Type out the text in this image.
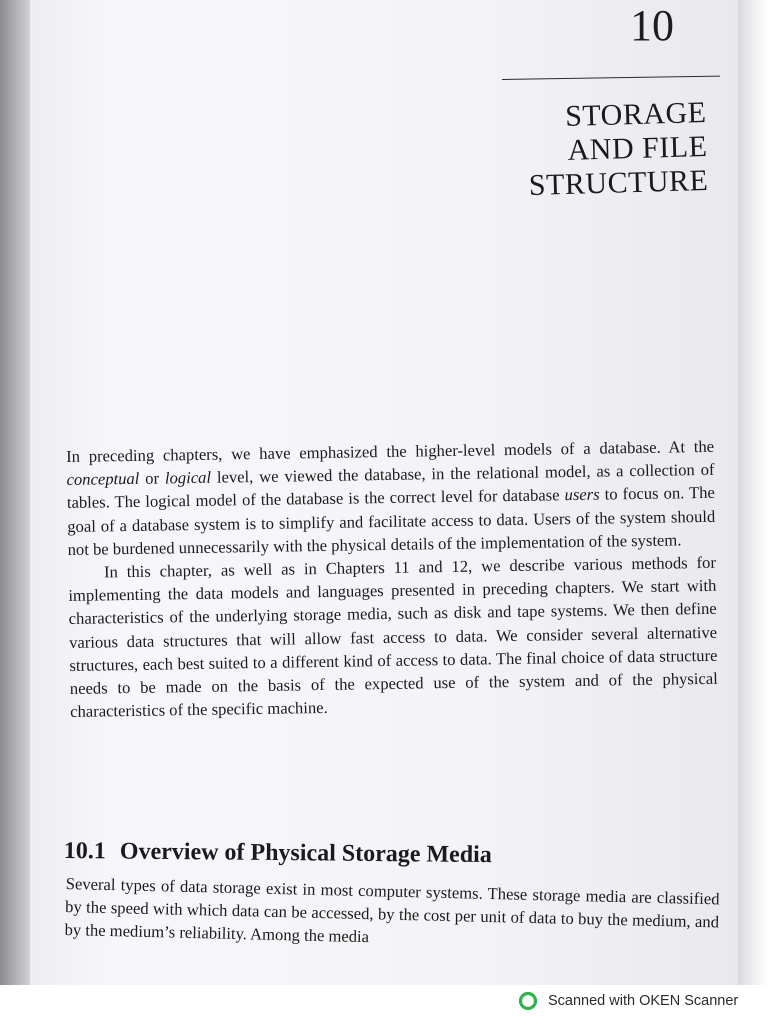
10
STORAGE
AND FILE
STRUCTURE

In preceding chapters, we have emphasized the higher-level models of a database. At the conceptual or logical level, we viewed the database, in the relational model, as a collection of tables. The logical model of the database is the correct level for database users to focus on. The goal of a database system is to simplify and facilitate access to data. Users of the system should not be burdened unnecessarily with the physical details of the implementation of the system.

In this chapter, as well as in Chapters 11 and 12, we describe various methods for implementing the data models and languages presented in preceding chapters. We start with characteristics of the underlying storage media, such as disk and tape systems. We then define various data structures that will allow fast access to data. We consider several alternative structures, each best suited to a different kind of access to data. The final choice of data structure needs to be made on the basis of the expected use of the system and of the physical characteristics of the specific machine.

10.1 Overview of Physical Storage Media

Several types of data storage exist in most computer systems. These storage media are classified by the speed with which data can be accessed, by the cost per unit of data to buy the medium, and by the medium’s reliability. Among the media

Scanned with OKEN Scanner
